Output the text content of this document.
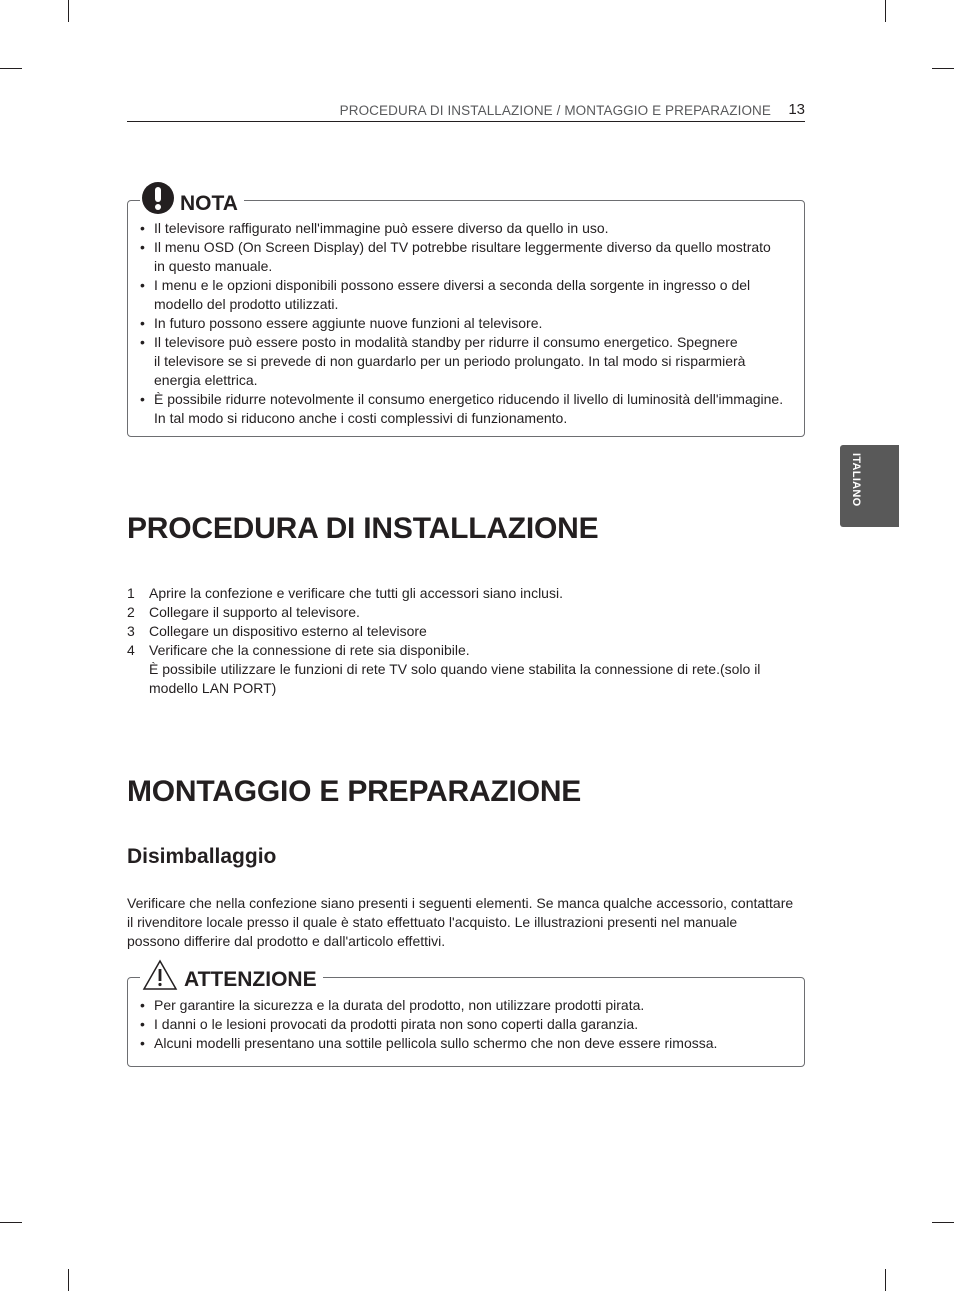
PROCEDURA DI INSTALLAZIONE / MONTAGGIO E PREPARAZIONE 13
ITALIANO
NOTA
• Il televisore raffigurato nell'immagine può essere diverso da quello in uso.
• Il menu OSD (On Screen Display) del TV potrebbe risultare leggermente diverso da quello mostrato
in questo manuale.
• I menu e le opzioni disponibili possono essere diversi a seconda della sorgente in ingresso o del
modello del prodotto utilizzati.
• In futuro possono essere aggiunte nuove funzioni al televisore.
• Il televisore può essere posto in modalità standby per ridurre il consumo energetico. Spegnere
il televisore se si prevede di non guardarlo per un periodo prolungato. In tal modo si risparmierà
energia elettrica.
• È possibile ridurre notevolmente il consumo energetico riducendo il livello di luminosità dell'immagine.
In tal modo si riducono anche i costi complessivi di funzionamento.
PROCEDURA DI INSTALLAZIONE
1 Aprire la confezione e verificare che tutti gli accessori siano inclusi.
2 Collegare il supporto al televisore.
3 Collegare un dispositivo esterno al televisore
4 Verificare che la connessione di rete sia disponibile.
È possibile utilizzare le funzioni di rete TV solo quando viene stabilita la connessione di rete.(solo il
modello LAN PORT)
MONTAGGIO E PREPARAZIONE
Disimballaggio

Verificare che nella confezione siano presenti i seguenti elementi. Se manca qualche accessorio, contattare
il rivenditore locale presso il quale è stato effettuato l'acquisto. Le illustrazioni presenti nel manuale
possono differire dal prodotto e dall'articolo effettivi.

ATTENZIONE
• Per garantire la sicurezza e la durata del prodotto, non utilizzare prodotti pirata.
• I danni o le lesioni provocati da prodotti pirata non sono coperti dalla garanzia.
• Alcuni modelli presentano una sottile pellicola sullo schermo che non deve essere rimossa.
